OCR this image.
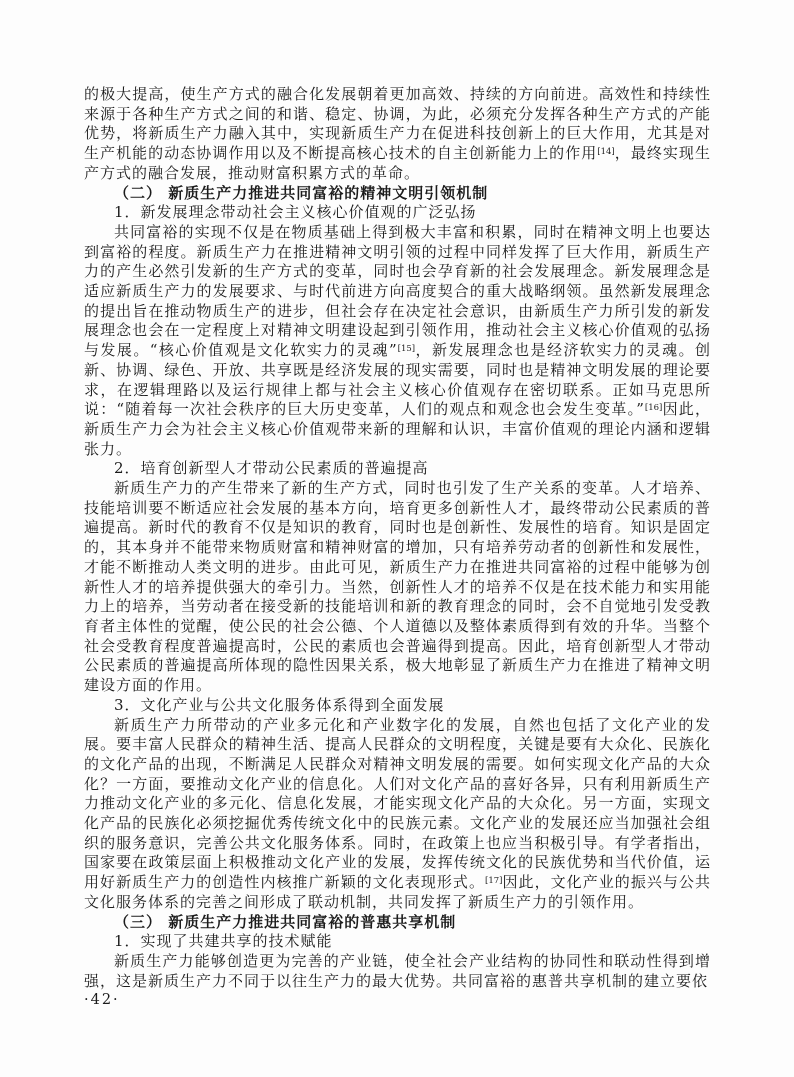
的极大提高，使生产方式的融合化发展朝着更加高效、持续的方向前进。高效性和持续性来源于各种生产方式之间的和谐、稳定、协调，为此，必须充分发挥各种生产方式的产能优势，将新质生产力融入其中，实现新质生产力在促进科技创新上的巨大作用，尤其是对生产机能的动态协调作用以及不断提高核心技术的自主创新能力上的作用[14]，最终实现生产方式的融合发展，推动财富积累方式的革命。

（二） 新质生产力推进共同富裕的精神文明引领机制

1．新发展理念带动社会主义核心价值观的广泛弘扬

共同富裕的实现不仅是在物质基础上得到极大丰富和积累，同时在精神文明上也要达到富裕的程度。新质生产力在推进精神文明引领的过程中同样发挥了巨大作用，新质生产力的产生必然引发新的生产方式的变革，同时也会孕育新的社会发展理念。新发展理念是适应新质生产力的发展要求、与时代前进方向高度契合的重大战略纲领。虽然新发展理念的提出旨在推动物质生产的进步，但社会存在决定社会意识，由新质生产力所引发的新发展理念也会在一定程度上对精神文明建设起到引领作用，推动社会主义核心价值观的弘扬与发展。“核心价值观是文化软实力的灵魂”[15]，新发展理念也是经济软实力的灵魂。创新、协调、绿色、开放、共享既是经济发展的现实需要，同时也是精神文明发展的理论要求，在逻辑理路以及运行规律上都与社会主义核心价值观存在密切联系。正如马克思所说：“随着每一次社会秩序的巨大历史变革，人们的观点和观念也会发生变革。”[16]因此，新质生产力会为社会主义核心价值观带来新的理解和认识，丰富价值观的理论内涵和逻辑张力。

2．培育创新型人才带动公民素质的普遍提高

新质生产力的产生带来了新的生产方式，同时也引发了生产关系的变革。人才培养、技能培训要不断适应社会发展的基本方向，培育更多创新性人才，最终带动公民素质的普遍提高。新时代的教育不仅是知识的教育，同时也是创新性、发展性的培育。知识是固定的，其本身并不能带来物质财富和精神财富的增加，只有培养劳动者的创新性和发展性，才能不断推动人类文明的进步。由此可见，新质生产力在推进共同富裕的过程中能够为创新性人才的培养提供强大的牵引力。当然，创新性人才的培养不仅是在技术能力和实用能力上的培养，当劳动者在接受新的技能培训和新的教育理念的同时，会不自觉地引发受教育者主体性的觉醒，使公民的社会公德、个人道德以及整体素质得到有效的升华。当整个社会受教育程度普遍提高时，公民的素质也会普遍得到提高。因此，培育创新型人才带动公民素质的普遍提高所体现的隐性因果关系，极大地彰显了新质生产力在推进了精神文明建设方面的作用。

3．文化产业与公共文化服务体系得到全面发展

新质生产力所带动的产业多元化和产业数字化的发展，自然也包括了文化产业的发展。要丰富人民群众的精神生活、提高人民群众的文明程度，关键是要有大众化、民族化的文化产品的出现，不断满足人民群众对精神文明发展的需要。如何实现文化产品的大众化？一方面，要推动文化产业的信息化。人们对文化产品的喜好各异，只有利用新质生产力推动文化产业的多元化、信息化发展，才能实现文化产品的大众化。另一方面，实现文化产品的民族化必须挖掘优秀传统文化中的民族元素。文化产业的发展还应当加强社会组织的服务意识，完善公共文化服务体系。同时，在政策上也应当积极引导。有学者指出，国家要在政策层面上积极推动文化产业的发展，发挥传统文化的民族优势和当代价值，运用好新质生产力的创造性内核推广新颖的文化表现形式。[17]因此，文化产业的振兴与公共文化服务体系的完善之间形成了联动机制，共同发挥了新质生产力的引领作用。

（三） 新质生产力推进共同富裕的普惠共享机制

1．实现了共建共享的技术赋能

新质生产力能够创造更为完善的产业链，使全社会产业结构的协同性和联动性得到增强，这是新质生产力不同于以往生产力的最大优势。共同富裕的惠普共享机制的建立要依

·42·
